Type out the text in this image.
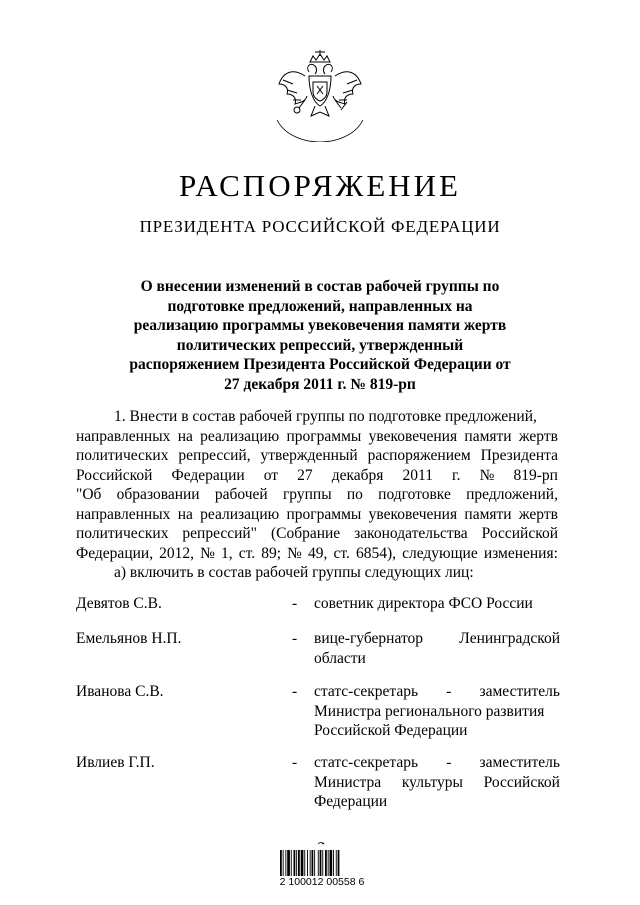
РАСПОРЯЖЕНИЕ
ПРЕЗИДЕНТА РОССИЙСКОЙ ФЕДЕРАЦИИ
О внесении изменений в состав рабочей группы по
подготовке предложений, направленных на
реализацию программы увековечения памяти жертв
политических репрессий, утвержденный
распоряжением Президента Российской Федерации от
27 декабря 2011 г. № 819-рп
1. Внести в состав рабочей группы по подготовке предложений,
направленных на реализацию программы увековечения памяти жертв
политических репрессий, утвержденный распоряжением Президента
Российской Федерации от 27 декабря 2011 г. № 819-рп
"Об образовании рабочей группы по подготовке предложений,
направленных на реализацию программы увековечения памяти жертв
политических репрессий" (Собрание законодательства Российской
Федерации, 2012, № 1, ст. 89; № 49, ст. 6854), следующие изменения:
а) включить в состав рабочей группы следующих лиц:
Девятов С.В.	- советник директора ФСО России
Емельянов Н.П.	- вице-губернатор Ленинградской
области
Иванова С.В.	- статс-секретарь - заместитель
Министра регионального развития
Российской Федерации
Ивлиев Г.П.	- статс-секретарь - заместитель
Министра культуры Российской
Федерации
2 100012 00558 6
